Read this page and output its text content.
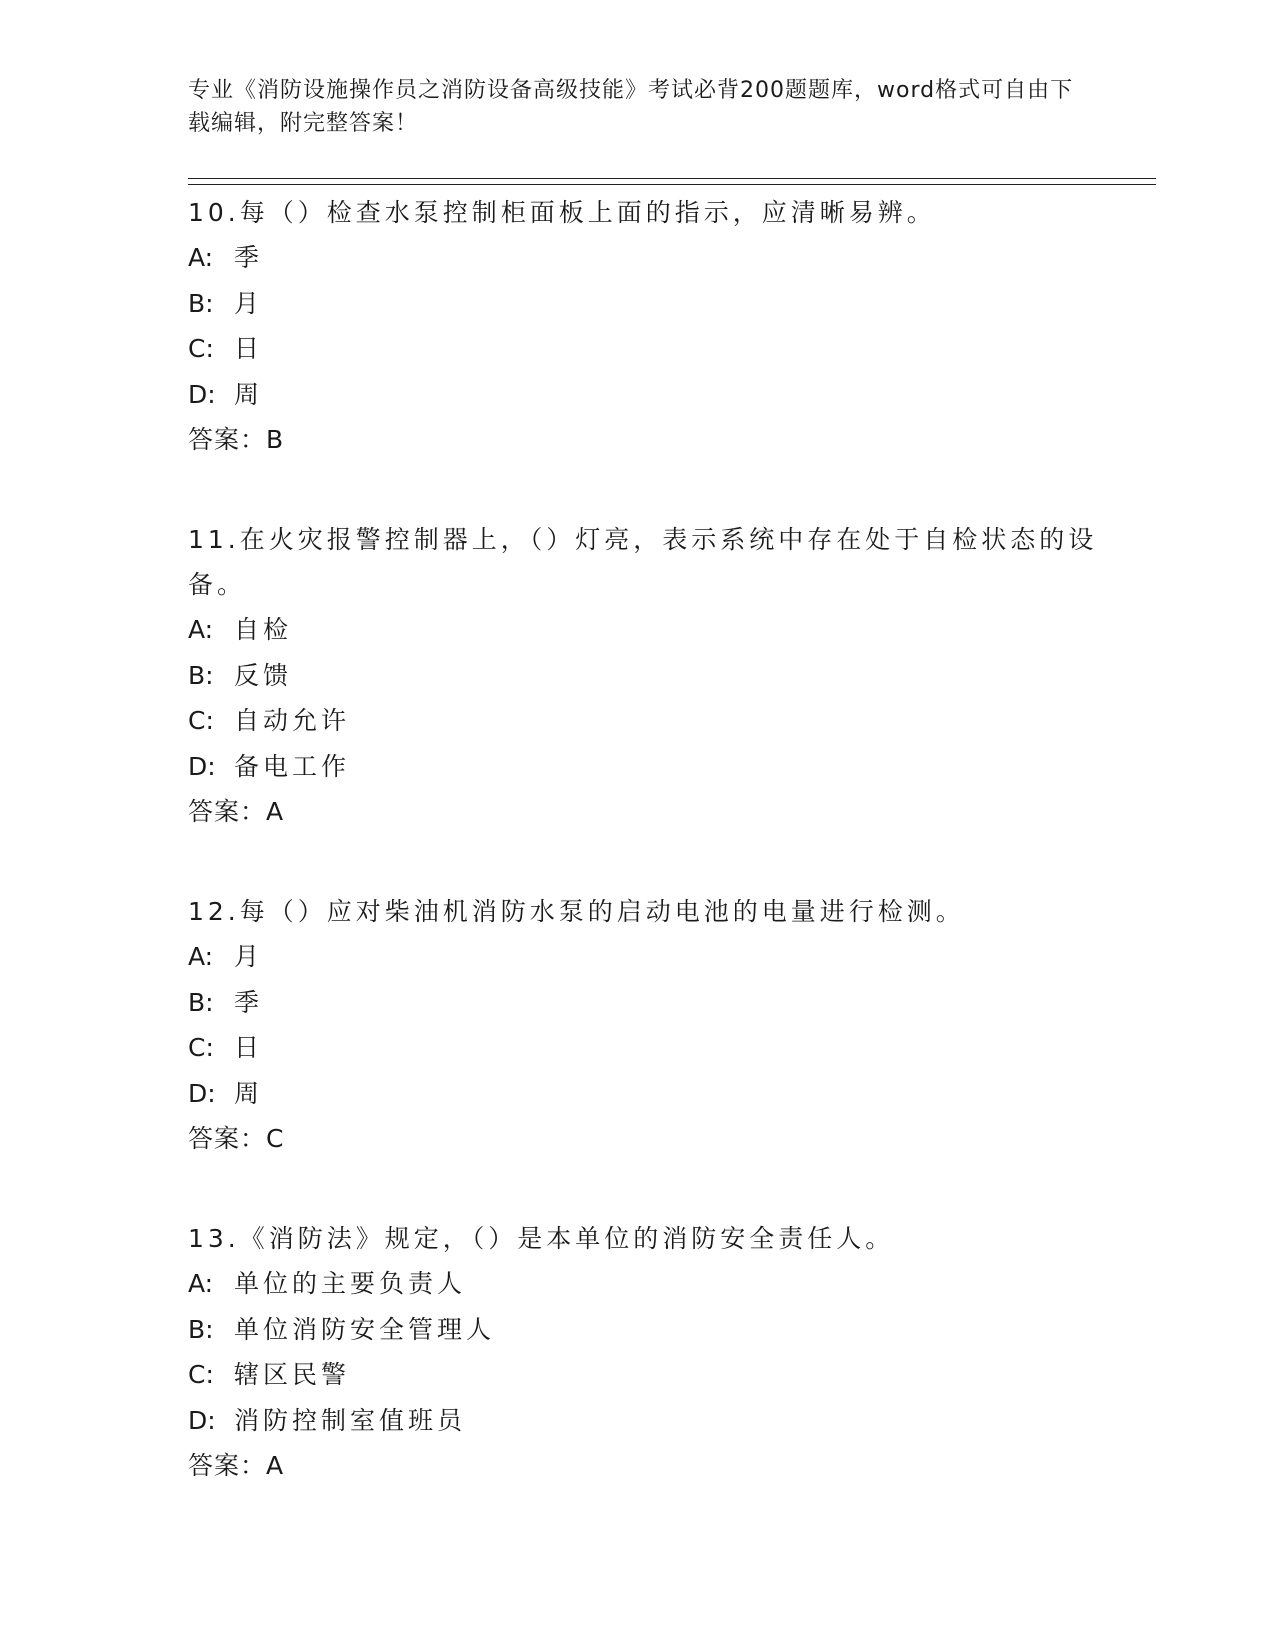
专业《消防设施操作员之消防设备高级技能》考试必背200题题库，word格式可自由下载编辑，附完整答案！

10.每（）检查水泵控制柜面板上面的指示，应清晰易辨。

A: 季
B: 月
C: 日
D: 周
答案：B

11.在火灾报警控制器上，（）灯亮，表示系统中存在处于自检状态的设备。

A: 自检
B: 反馈
C: 自动允许
D: 备电工作
答案：A

12.每（）应对柴油机消防水泵的启动电池的电量进行检测。

A: 月
B: 季
C: 日
D: 周
答案：C

13.《消防法》规定，（）是本单位的消防安全责任人。

A: 单位的主要负责人
B: 单位消防安全管理人
C: 辖区民警
D: 消防控制室值班员
答案：A
